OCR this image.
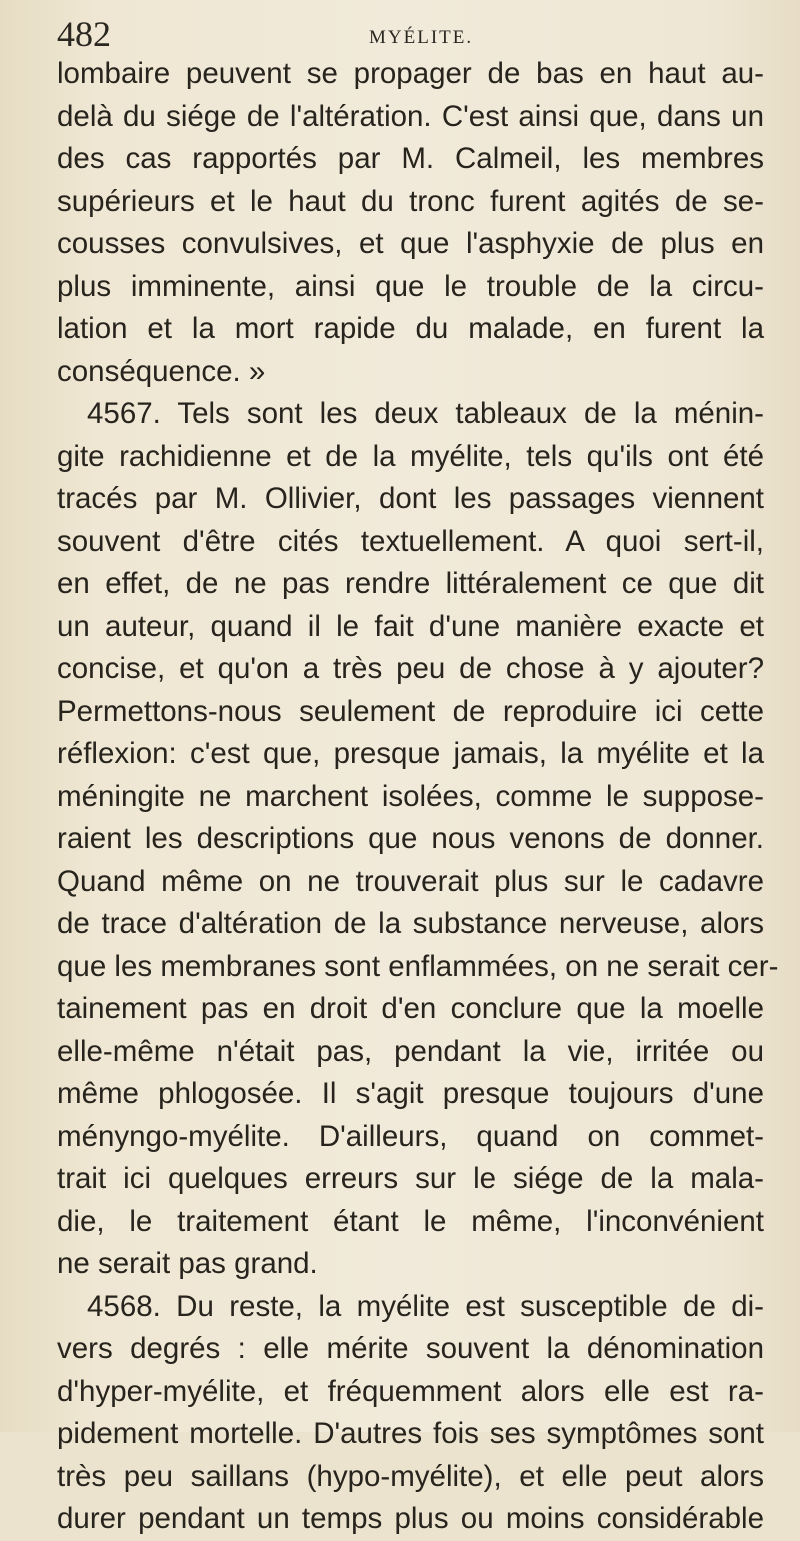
482	MYÉLITE.
lombaire peuvent se propager de bas en haut au-
delà du siége de l'altération. C'est ainsi que, dans un
des cas rapportés par M. Calmeil, les membres
supérieurs et le haut du tronc furent agités de se-
cousses convulsives, et que l'asphyxie de plus en
plus imminente, ainsi que le trouble de la circu-
lation et la mort rapide du malade, en furent la
conséquence. »
4567. Tels sont les deux tableaux de la ménin-
gite rachidienne et de la myélite, tels qu'ils ont été
tracés par M. Ollivier, dont les passages viennent
souvent d'être cités textuellement. A quoi sert-il,
en effet, de ne pas rendre littéralement ce que dit
un auteur, quand il le fait d'une manière exacte et
concise, et qu'on a très peu de chose à y ajouter?
Permettons-nous seulement de reproduire ici cette
réflexion: c'est que, presque jamais, la myélite et la
méningite ne marchent isolées, comme le suppose-
raient les descriptions que nous venons de donner.
Quand même on ne trouverait plus sur le cadavre
de trace d'altération de la substance nerveuse, alors
que les membranes sont enflammées, on ne serait cer-
tainement pas en droit d'en conclure que la moelle
elle-même n'était pas, pendant la vie, irritée ou
même phlogosée. Il s'agit presque toujours d'une
ményngo-myélite. D'ailleurs, quand on commet-
trait ici quelques erreurs sur le siége de la mala-
die, le traitement étant le même, l'inconvénient
ne serait pas grand.
4568. Du reste, la myélite est susceptible de di-
vers degrés : elle mérite souvent la dénomination
d'hyper-myélite, et fréquemment alors elle est ra-
pidement mortelle. D'autres fois ses symptômes sont
très peu saillans (hypo-myélite), et elle peut alors
durer pendant un temps plus ou moins considérable
